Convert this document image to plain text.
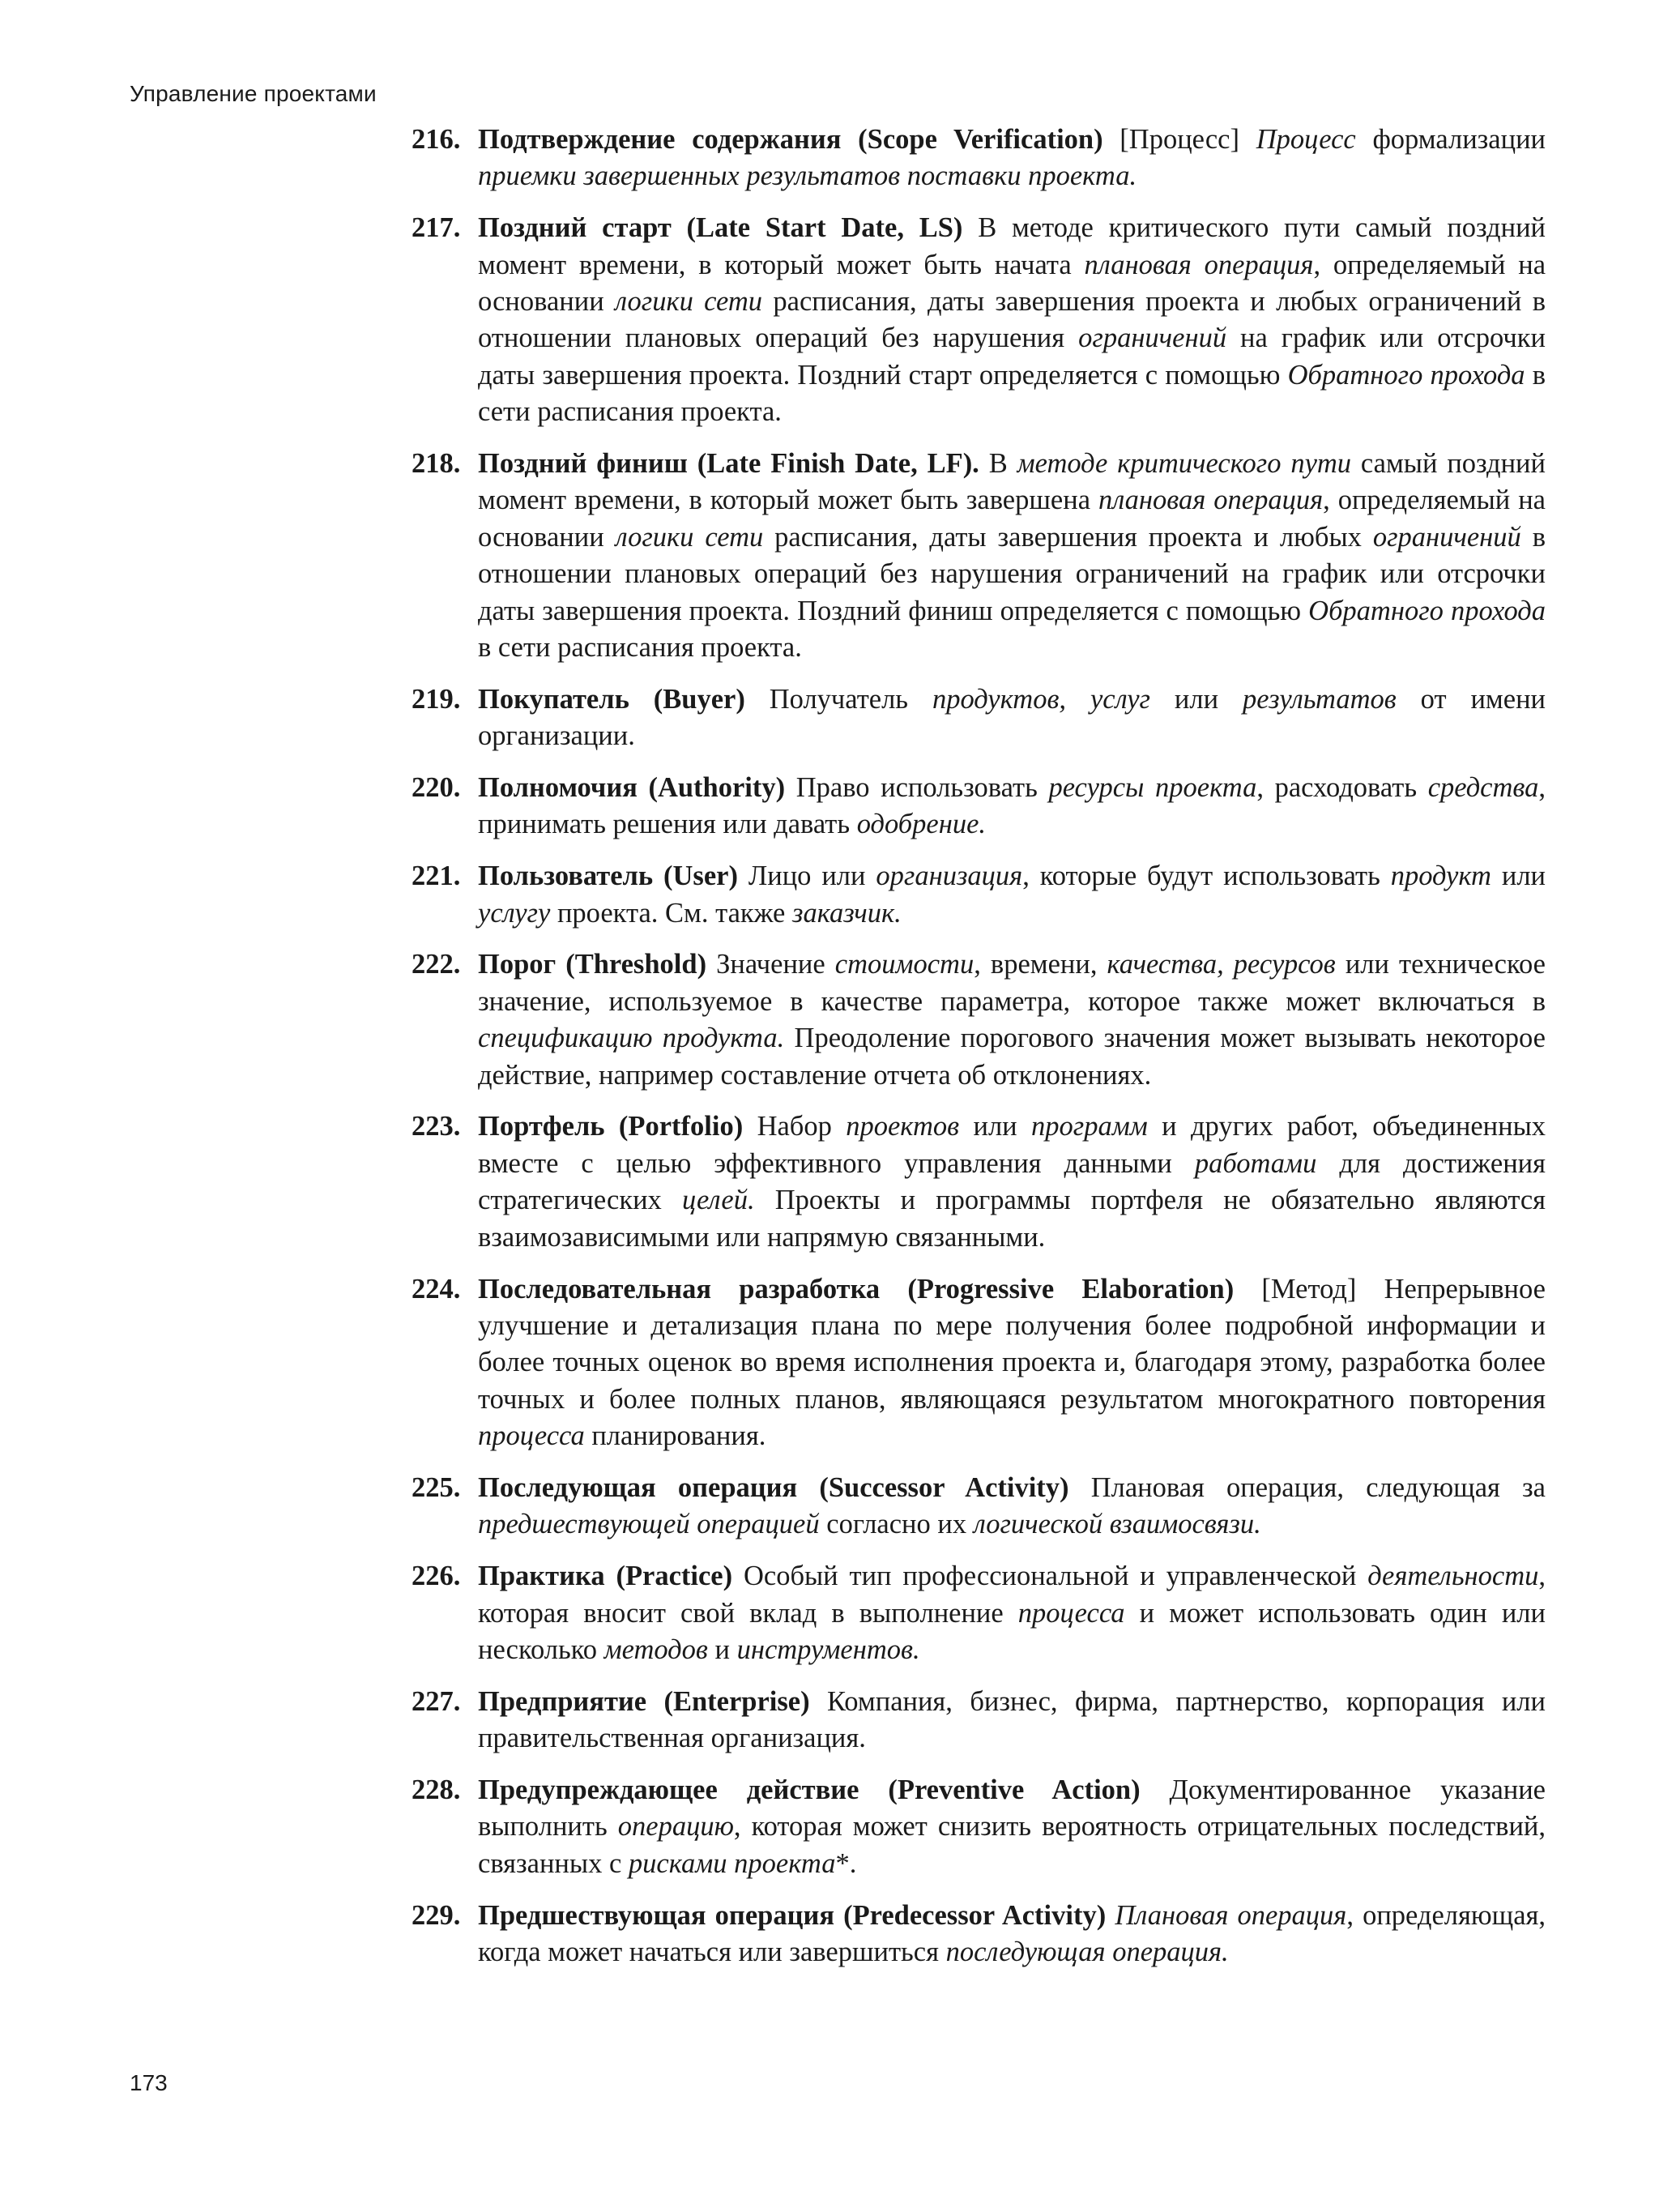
Управление проектами

216. Подтверждение содержания (Scope Verification) [Процесс] Процесс формализации приемки завершенных результатов поставки проекта.

217. Поздний старт (Late Start Date, LS) В методе критического пути самый поздний момент времени, в который может быть начата плановая операция, определяемый на основании логики сети расписания, даты завершения проекта и любых ограничений в отношении плановых операций без нарушения ограничений на график или отсрочки даты завершения проекта. Поздний старт определяется с помощью Обратного прохода в сети расписания проекта.

218. Поздний финиш (Late Finish Date, LF). В методе критического пути самый поздний момент времени, в который может быть завершена плановая операция, определяемый на основании логики сети расписания, даты завершения проекта и любых ограничений в отношении плановых операций без нарушения ограничений на график или отсрочки даты завершения проекта. Поздний финиш определяется с помощью Обратного прохода в сети расписания проекта.

219. Покупатель (Buyer) Получатель продуктов, услуг или результатов от имени организации.

220. Полномочия (Authority) Право использовать ресурсы проекта, расходовать средства, принимать решения или давать одобрение.

221. Пользователь (User) Лицо или организация, которые будут использовать продукт или услугу проекта. См. также заказчик.

222. Порог (Threshold) Значение стоимости, времени, качества, ресурсов или техническое значение, используемое в качестве параметра, которое также может включаться в спецификацию продукта. Преодоление порогового значения может вызывать некоторое действие, например составление отчета об отклонениях.

223. Портфель (Portfolio) Набор проектов или программ и других работ, объединенных вместе с целью эффективного управления данными работами для достижения стратегических целей. Проекты и программы портфеля не обязательно являются взаимозависимыми или напрямую связанными.

224. Последовательная разработка (Progressive Elaboration) [Метод] Непрерывное улучшение и детализация плана по мере получения более подробной информации и более точных оценок во время исполнения проекта и, благодаря этому, разработка более точных и более полных планов, являющаяся результатом многократного повторения процесса планирования.

225. Последующая операция (Successor Activity) Плановая операция, следующая за предшествующей операцией согласно их логической взаимосвязи.

226. Практика (Practice) Особый тип профессиональной и управленческой деятельности, которая вносит свой вклад в выполнение процесса и может использовать один или несколько методов и инструментов.

227. Предприятие (Enterprise) Компания, бизнес, фирма, партнерство, корпорация или правительственная организация.

228. Предупреждающее действие (Preventive Action) Документированное указание выполнить операцию, которая может снизить вероятность отрицательных последствий, связанных с рисками проекта*.

229. Предшествующая операция (Predecessor Activity) Плановая операция, определяющая, когда может начаться или завершиться последующая операция.

173
